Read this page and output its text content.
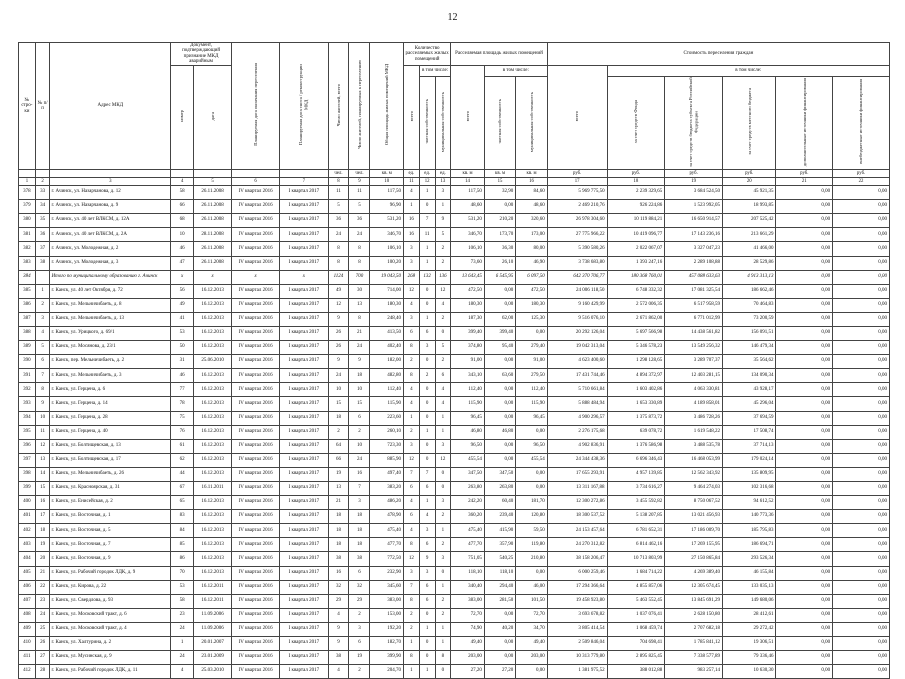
12
№ стро-ки	№ п/п	Адрес МКД	Документ, подтверждающий признание МКД аварийным		Планируемая дата окончания переселения	Планируемая дата сноса / реконструкции МКД	Число жителей, всего	Число жителей, планируемых к переселению	Общая площадь жилых помещений МКД	Количество расселяемых жилых помещений			Расселяемая площадь жилых помещений			Стоимость переселения граждан					
			номер	дата						всего	в том числе:		всего	в том числе:		всего	в том числе:				
											частная собственность	муниципальная собственность		частная собственность	муниципальная собственность		за счет средств Фонда	за счет средств бюджета субъекта Российской Федерации	за счет средств местного бюджета	дополнительные источники финансирования	внебюджетные источники финансирования
							чел.	чел.	кв. м	ед.	ед.	ед.	кв. м	кв. м	кв. м	руб.	руб.	руб.	руб.	руб.	руб.
1	2	3	4	5	6	7	8	9	10	11	12	13	14	15	16	17	18	19	20	21	22
378	33	г. Ачинск, ул. Назарчанова, д. 12	58	26.11.2008	IV квартал 2016	I квартал 2017	11	11	117,50	4	1	3	117,50	32,90	84,60	5 969 775,50	2 239 329,65	3 684 524,50	45 921,35	0,00	0,00
379	34	г. Ачинск, ул. Назарчанова, д. 9	66	26.11.2008	IV квартал 2016	I квартал 2017	5	5	96,90	1	0	1	48,60	0,00	48,60	2 469 210,76	926 224,86	1 523 992,05	18 993,85	0,00	0,00
380	35	г. Ачинск, ул. 40 лет ВЛКСМ, д. 12А	68	26.11.2008	IV квартал 2016	I квартал 2017	36	36	531,20	16	7	9	531,20	210,20	320,60	26 978 304,60	10 119 884,21	16 650 914,57	207 525,42	0,00	0,00
381	36	г. Ачинск, ул. 40 лет ВЛКСМ, д. 2А	10	28.11.2008	IV квартал 2016	I квартал 2017	24	24	346,70	16	11	5	346,70	173,70	173,00	27 775 966,22	10 419 096,77	17 143 236,16	213 661,29	0,00	0,00
382	37	г. Ачинск, ул. Молодежная, д. 2	46	26.11.2008	IV квартал 2016	I квартал 2017	8	8	106,10	3	1	2	106,10	36,30	80,00	5 390 580,26	2 022 067,07	3 327 047,23	41 466,00	0,00	0,00
383	38	г. Ачинск, ул. Молодежная, д. 3	47	26.11.2008	IV квартал 2016	I квартал 2017	8	8	100,20	3	1	2	73,60	26,10	46,90	3 738 683,80	1 393 247,16	2 289 108,88	28 529,86	0,00	0,00
384		Итого по муниципальному образованию г. Ачинск	x	x	x	x	1124	700	19 043,50	268	132	136	13 643,45	6 545,95	6 097,50	642 370 706,77	180 368 760,01	457 088 633,63	4 913 313,13	0,00	0,00
385	1	г. Канск, ул. 40 лет Октября, д. 72	56	16.12.2013	IV квартал 2016	I квартал 2017	49	30	714,00	12	0	12	472,50	0,00	472,50	24 006 118,50	6 748 332,32	17 081 325,54	186 662,46	0,00	0,00
386	2	г. Канск, ул. Мельничибаеть, д. 8	49	16.12.2013	IV квартал 2016	I квартал 2017	12	13	180,30	4	0	4	180,30	0,00	180,30	9 160 429,99	2 572 006,35	6 517 958,59	70 464,83	0,00	0,00
387	3	г. Канск, ул. Мельничибаеть, д. 13	41	16.12.2013	IV квартал 2016	I квартал 2017	9	8	248,40	3	1	2	187,30	62,00	125,30	9 516 076,10	2 671 862,00	6 771 012,99	73 200,59	0,00	0,00
388	4	г. Канск, ул. Урицкого, д. 69/1	53	16.12.2013	IV квартал 2016	I квартал 2017	26	21	413,50	6	6	0	399,40	399,40	0,00	20 292 126,04	5 697 566,98	14 438 561,82	156 091,51	0,00	0,00
389	5	г. Канск, ул. Мосянова, д. 23/1	50	16.12.2013	IV квартал 2016	I квартал 2017	26	24	402,40	8	3	5	374,80	95,40	279,40	19 042 313,04	5 346 578,23	13 549 256,32	146 479,34	0,00	0,00
390	6	г. Канск, пер. Мельничибаеть, д. 2	31	25.06.2010	IV квартал 2016	I квартал 2017	9	9	182,00	2	0	2	91,00	0,00	91,00	4 623 400,60	1 298 128,65	3 289 707,37	35 564,62	0,00	0,00
391	7	г. Канск, ул. Мельничибаеть, д. 3	46	16.12.2013	IV квартал 2016	I квартал 2017	24	18	482,80	8	2	6	343,10	63,60	279,50	17 431 744,46	4 894 372,97	12 403 281,15	134 090,34	0,00	0,00
392	8	г. Канск, ул. Герцена, д. 6	77	16.12.2013	IV квартал 2016	I квартал 2017	10	10	112,40	4	0	4	112,40	0,00	112,40	5 710 661,84	1 603 402,86	4 063 330,81	43 928,17	0,00	0,00
393	9	г. Канск, ул. Герцена, д. 14	78	16.12.2013	IV квартал 2016	I квартал 2017	15	15	115,90	4	0	4	115,90	0,00	115,90	5 888 484,94	1 653 330,89	4 189 858,01	45 296,04	0,00	0,00
394	10	г. Канск, ул. Герцена, д. 28	75	16.12.2013	IV квартал 2016	I квартал 2017	18	6	223,60	1	0	1	96,45	0,00	96,45	4 900 296,57	1 375 873,72	3 486 728,26	37 694,59	0,00	0,00
395	11	г. Канск, ул. Герцена, д. 40	76	16.12.2013	IV квартал 2016	I квартал 2017	2	2	260,10	2	1	1	46,80	46,80	0,00	2 276 175,68	639 078,72	1 619 548,22	17 508,74	0,00	0,00
396	12	г. Канск, ул. Болтищевская, д. 13	61	16.12.2013	IV квартал 2016	I квартал 2017	64	10	723,30	3	0	3	96,50	0,00	96,50	4 902 836,91	1 376 586,98	3 488 535,78	37 714,13	0,00	0,00
397	13	г. Канск, ул. Болтищевская, д. 17	62	16.12.2013	IV квартал 2016	I квартал 2017	66	24	885,90	12	0	12	455,54	0,00	455,54	24 344 438,36	6 696 346,43	16 468 053,99	179 024,14	0,00	0,00
398	14	г. Канск, ул. Мельничибаеть, д. 26	44	16.12.2013	IV квартал 2016	I квартал 2017	19	16	497,40	7	7	0	347,50	347,50	0,00	17 655 293,91	4 957 139,85	12 562 343,92	135 809,95	0,00	0,00
399	15	г. Канск, ул. Красноярская, д. 31	67	16.11.2011	IV квартал 2016	I квартал 2017	13	7	383,20	6	6	0	263,80	263,80	0,00	13 311 167,88	3 734 616,27	9 464 274,03	102 316,68	0,00	0,00
400	16	г. Канск, ул. Енисейская, д. 2	65	16.12.2013	IV квартал 2016	I квартал 2017	21	3	486,20	4	1	3	242,20	60,40	181,70	12 300 272,86	3 455 592,82	8 750 067,52	94 612,52	0,00	0,00
401	17	г. Канск, ул. Восточная, д. 1	83	16.12.2013	IV квартал 2016	I квартал 2017	18	18	478,90	6	4	2	360,20	239,40	120,80	18 300 537,52	5 138 207,85	13 021 456,93	140 773,36	0,00	0,00
402	18	г. Канск, ул. Восточная, д. 5	84	16.12.2013	IV квартал 2016	I квартал 2017	18	18	475,40	4	3	1	475,40	415,90	59,50	24 153 457,64	6 781 652,31	17 186 009,70	185 795,83	0,00	0,00
403	19	г. Канск, ул. Восточная, д. 7	85	16.12.2013	IV квартал 2016	I квартал 2017	18	18	477,70	8	6	2	477,70	357,90	119,80	24 270 312,82	6 814 462,16	17 269 155,95	186 694,71	0,00	0,00
404	20	г. Канск, ул. Восточная, д. 9	86	16.12.2013	IV квартал 2016	I квартал 2017	38	38	772,50	12	9	3	751,05	540,25	210,80	38 158 206,47	10 713 803,99	27 150 865,84	293 526,34	0,00	0,00
405	21	г. Канск, ул. Рабочий городок ЛДК, д. 9	70	16.12.2013	IV квартал 2016	I квартал 2017	16	6	232,90	3	3	0	118,10	118,10	0,00	6 000 259,46	1 684 714,22	4 269 389,40	46 155,84	0,00	0,00
406	22	г. Канск, ул. Кирова, д. 22	53	16.12.2011	IV квартал 2016	I квартал 2017	32	32	345,60	7	6	1	340,40	294,40	46,00	17 294 366,64	4 855 857,06	12 305 674,45	133 035,13	0,00	0,00
407	23	г. Канск, ул. Свердлова, д. 93	58	16.12.2011	IV квартал 2016	I квартал 2017	29	29	383,00	8	6	2	383,00	281,50	101,50	19 458 923,80	5 463 552,45	13 845 691,29	149 680,06	0,00	0,00
408	24	г. Канск, ул. Московский тракт, д. 6	23	11.09.2006	IV квартал 2016	I квартал 2017	4	2	153,00	2	0	2	72,70	0,00	72,70	3 693 678,82	1 037 076,41	2 628 150,80	28 412,61	0,00	0,00
409	25	г. Канск, ул. Московский тракт, д. 4	24	11.09.2006	IV квартал 2016	I квартал 2017	9	3	192,20	2	1	1	74,90	40,20	34,70	3 805 414,54	1 068 459,74	2 707 682,18	29 272,42	0,00	0,00
410	26	г. Канск, ул. Халтурина, д. 2	1	20.01.2007	IV квартал 2016	I квартал 2017	9	6	182,70	1	0	1	49,40	0,00	49,40	2 509 846,04	704 698,41	1 785 841,12	19 306,51	0,00	0,00
411	27	г. Канск, ул. Мусинская, д. 9	24	23.01.2009	IV квартал 2016	I квартал 2017	38	19	399,90	8	0	8	203,00	0,00	203,00	10 313 779,80	2 895 825,45	7 338 577,89	79 336,46	0,00	0,00
412	28	г. Канск, ул. Рабочий городок ЛДК, д. 11	4	25.03.2010	IV квартал 2016	I квартал 2017	4	2	204,70	1	1	0	27,20	27,20	0,00	1 381 975,52	388 012,88	983 257,14	10 630,30	0,00	0,00
